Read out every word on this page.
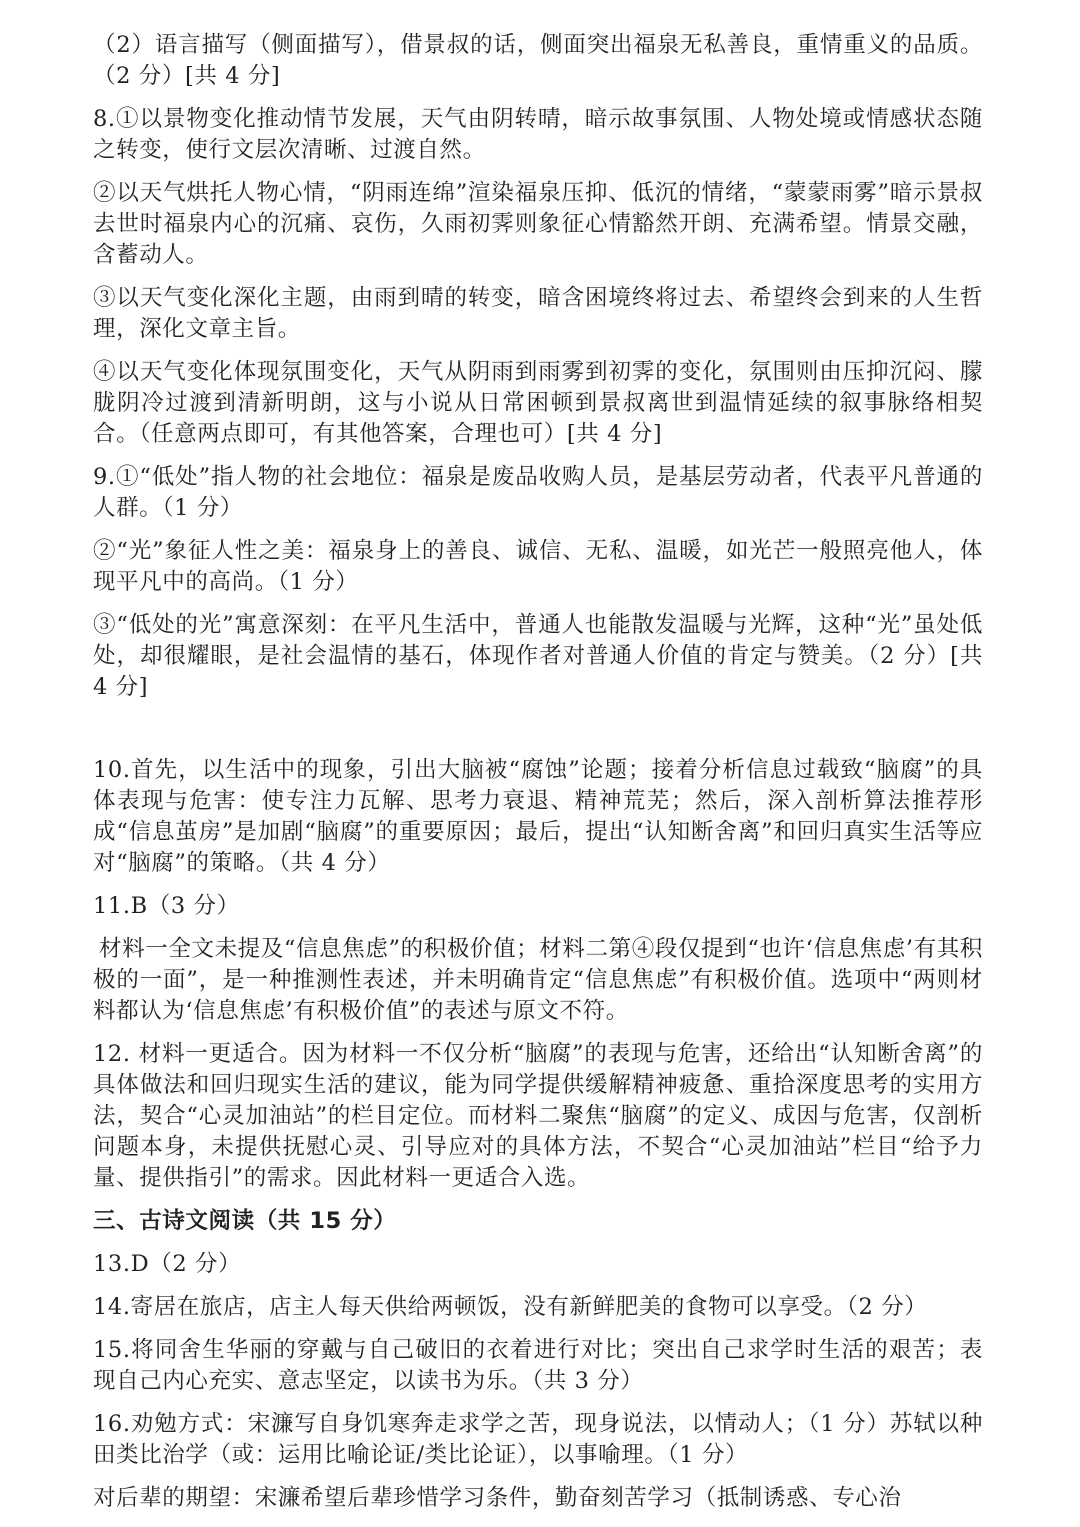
（2）语言描写（侧面描写），借景叔的话，侧面突出福泉无私善良，重情重义的品质。（2 分）[共 4 分]

8.①以景物变化推动情节发展，天气由阴转晴，暗示故事氛围、人物处境或情感状态随之转变，使行文层次清晰、过渡自然。

②以天气烘托人物心情，“阴雨连绵”渲染福泉压抑、低沉的情绪，“蒙蒙雨雾”暗示景叔去世时福泉内心的沉痛、哀伤，久雨初霁则象征心情豁然开朗、充满希望。情景交融，含蓄动人。

③以天气变化深化主题，由雨到晴的转变，暗含困境终将过去、希望终会到来的人生哲理，深化文章主旨。

④以天气变化体现氛围变化，天气从阴雨到雨雾到初霁的变化，氛围则由压抑沉闷、朦胧阴冷过渡到清新明朗，这与小说从日常困顿到景叔离世到温情延续的叙事脉络相契合。（任意两点即可，有其他答案，合理也可）[共 4 分]

9.①“低处”指人物的社会地位：福泉是废品收购人员，是基层劳动者，代表平凡普通的人群。（1 分）

②“光”象征人性之美：福泉身上的善良、诚信、无私、温暖，如光芒一般照亮他人，体现平凡中的高尚。（1 分）

③“低处的光”寓意深刻：在平凡生活中，普通人也能散发温暖与光辉，这种“光”虽处低处，却很耀眼，是社会温情的基石，体现作者对普通人价值的肯定与赞美。（2 分）[共 4 分]

10.首先，以生活中的现象，引出大脑被“腐蚀”论题；接着分析信息过载致“脑腐”的具体表现与危害：使专注力瓦解、思考力衰退、精神荒芜；然后，深入剖析算法推荐形成“信息茧房”是加剧“脑腐”的重要原因；最后，提出“认知断舍离”和回归真实生活等应对“脑腐”的策略。（共 4 分）

11.B（3 分）

材料一全文未提及“信息焦虑”的积极价值；材料二第④段仅提到“也许‘信息焦虑’有其积极的一面”，是一种推测性表述，并未明确肯定“信息焦虑”有积极价值。选项中“两则材料都认为‘信息焦虑’有积极价值”的表述与原文不符。

12. 材料一更适合。因为材料一不仅分析“脑腐”的表现与危害，还给出“认知断舍离”的具体做法和回归现实生活的建议，能为同学提供缓解精神疲惫、重拾深度思考的实用方法，契合“心灵加油站”的栏目定位。而材料二聚焦“脑腐”的定义、成因与危害，仅剖析问题本身，未提供抚慰心灵、引导应对的具体方法，不契合“心灵加油站”栏目“给予力量、提供指引”的需求。因此材料一更适合入选。

三、古诗文阅读（共 15 分）

13.D（2 分）

14.寄居在旅店，店主人每天供给两顿饭，没有新鲜肥美的食物可以享受。（2 分）

15.将同舍生华丽的穿戴与自己破旧的衣着进行对比；突出自己求学时生活的艰苦；表现自己内心充实、意志坚定，以读书为乐。（共 3 分）

16.劝勉方式：宋濂写自身饥寒奔走求学之苦，现身说法，以情动人；（1 分）苏轼以种田类比治学（或：运用比喻论证/类比论证），以事喻理。（1 分）

对后辈的期望：宋濂希望后辈珍惜学习条件，勤奋刻苦学习（抵制诱惑、专心治
